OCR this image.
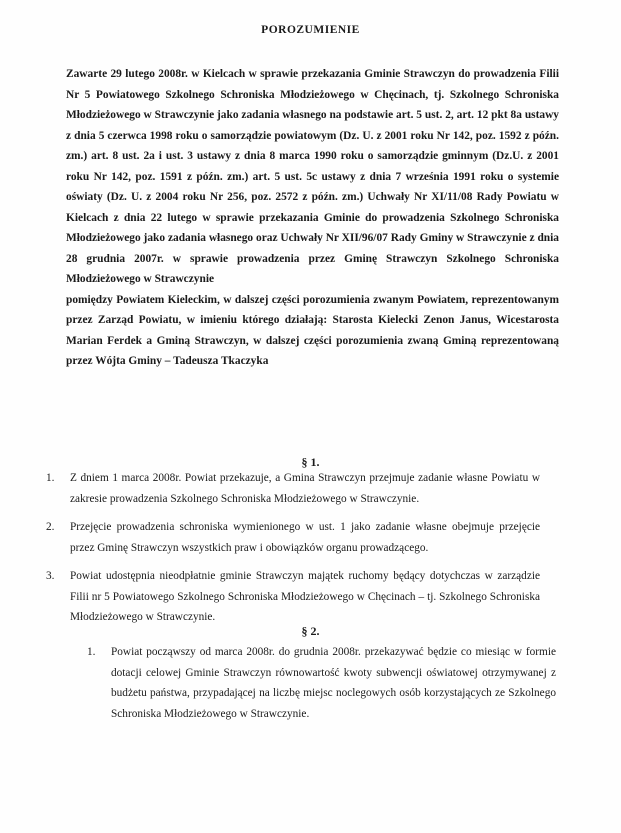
POROZUMIENIE

Zawarte 29 lutego 2008r. w Kielcach w sprawie przekazania Gminie Strawczyn do prowadzenia Filii Nr 5 Powiatowego Szkolnego Schroniska Młodzieżowego w Chęcinach, tj. Szkolnego Schroniska Młodzieżowego w Strawczynie jako zadania własnego na podstawie art. 5 ust. 2, art. 12 pkt 8a ustawy z dnia 5 czerwca 1998 roku o samorządzie powiatowym (Dz. U. z 2001 roku Nr 142, poz. 1592 z późn. zm.) art. 8 ust. 2a i ust. 3 ustawy z dnia 8 marca 1990 roku o samorządzie gminnym (Dz.U. z 2001 roku Nr 142, poz. 1591 z późn. zm.) art. 5 ust. 5c ustawy z dnia 7 września 1991 roku o systemie oświaty (Dz. U. z 2004 roku Nr 256, poz. 2572 z późn. zm.) Uchwały Nr XI/11/08 Rady Powiatu w Kielcach z dnia 22 lutego w sprawie przekazania Gminie do prowadzenia Szkolnego Schroniska Młodzieżowego jako zadania własnego oraz Uchwały Nr XII/96/07 Rady Gminy w Strawczynie z dnia 28 grudnia 2007r. w sprawie prowadzenia przez Gminę Strawczyn Szkolnego Schroniska Młodzieżowego w Strawczynie

pomiędzy Powiatem Kieleckim, w dalszej części porozumienia zwanym Powiatem, reprezentowanym przez Zarząd Powiatu, w imieniu którego działają: Starosta Kielecki Zenon Janus, Wicestarosta Marian Ferdek a Gminą Strawczyn, w dalszej części porozumienia zwaną Gminą reprezentowaną przez Wójta Gminy – Tadeusza Tkaczyka

§ 1.
1. Z dniem 1 marca 2008r. Powiat przekazuje, a Gmina Strawczyn przejmuje zadanie własne Powiatu w zakresie prowadzenia Szkolnego Schroniska Młodzieżowego w Strawczynie.
2. Przejęcie prowadzenia schroniska wymienionego w ust. 1 jako zadanie własne obejmuje przejęcie przez Gminę Strawczyn wszystkich praw i obowiązków organu prowadzącego.
3. Powiat udostępnia nieodpłatnie gminie Strawczyn majątek ruchomy będący dotychczas w zarządzie Filii nr 5 Powiatowego Szkolnego Schroniska Młodzieżowego w Chęcinach – tj. Szkolnego Schroniska Młodzieżowego w Strawczynie.
§ 2.
1. Powiat począwszy od marca 2008r. do grudnia 2008r. przekazywać będzie co miesiąc w formie dotacji celowej Gminie Strawczyn równowartość kwoty subwencji oświatowej otrzymywanej z budżetu państwa, przypadającej na liczbę miejsc noclegowych osób korzystających ze Szkolnego Schroniska Młodzieżowego w Strawczynie.
